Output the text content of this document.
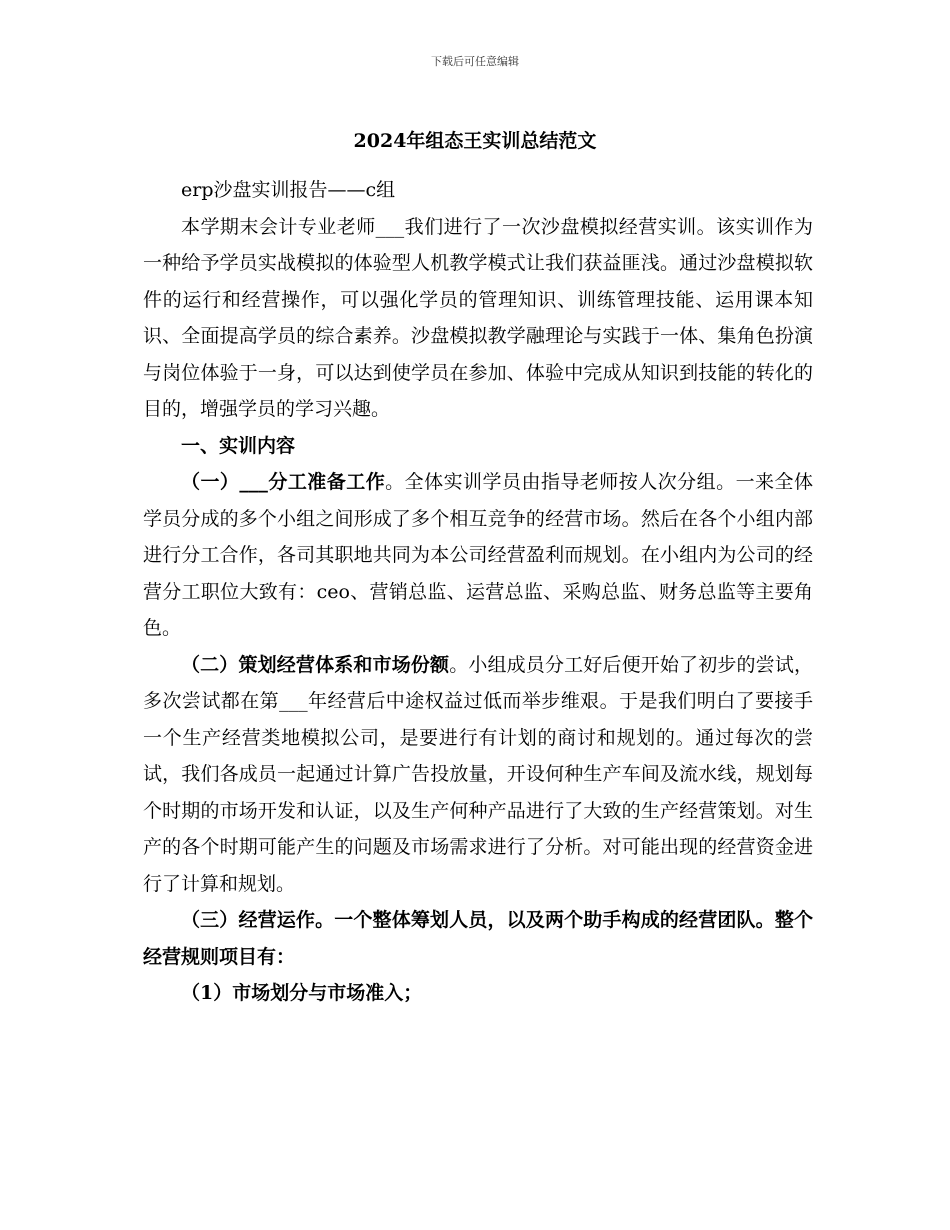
下载后可任意编辑
2024年组态王实训总结范文

erp沙盘实训报告——c组

本学期末会计专业老师___我们进行了一次沙盘模拟经营实训。该实训作为一种给予学员实战模拟的体验型人机教学模式让我们获益匪浅。通过沙盘模拟软件的运行和经营操作，可以强化学员的管理知识、训练管理技能、运用课本知识、全面提高学员的综合素养。沙盘模拟教学融理论与实践于一体、集角色扮演与岗位体验于一身，可以达到使学员在参加、体验中完成从知识到技能的转化的目的，增强学员的学习兴趣。

一、实训内容

（一）___分工准备工作。全体实训学员由指导老师按人次分组。一来全体学员分成的多个小组之间形成了多个相互竞争的经营市场。然后在各个小组内部进行分工合作，各司其职地共同为本公司经营盈利而规划。在小组内为公司的经营分工职位大致有：ceo、营销总监、运营总监、采购总监、财务总监等主要角色。

（二）策划经营体系和市场份额。小组成员分工好后便开始了初步的尝试，多次尝试都在第___年经营后中途权益过低而举步维艰。于是我们明白了要接手一个生产经营类地模拟公司，是要进行有计划的商讨和规划的。通过每次的尝试，我们各成员一起通过计算广告投放量，开设何种生产车间及流水线，规划每个时期的市场开发和认证，以及生产何种产品进行了大致的生产经营策划。对生产的各个时期可能产生的问题及市场需求进行了分析。对可能出现的经营资金进行了计算和规划。

（三）经营运作。一个整体筹划人员，以及两个助手构成的经营团队。整个经营规则项目有：

（1）市场划分与市场准入；
